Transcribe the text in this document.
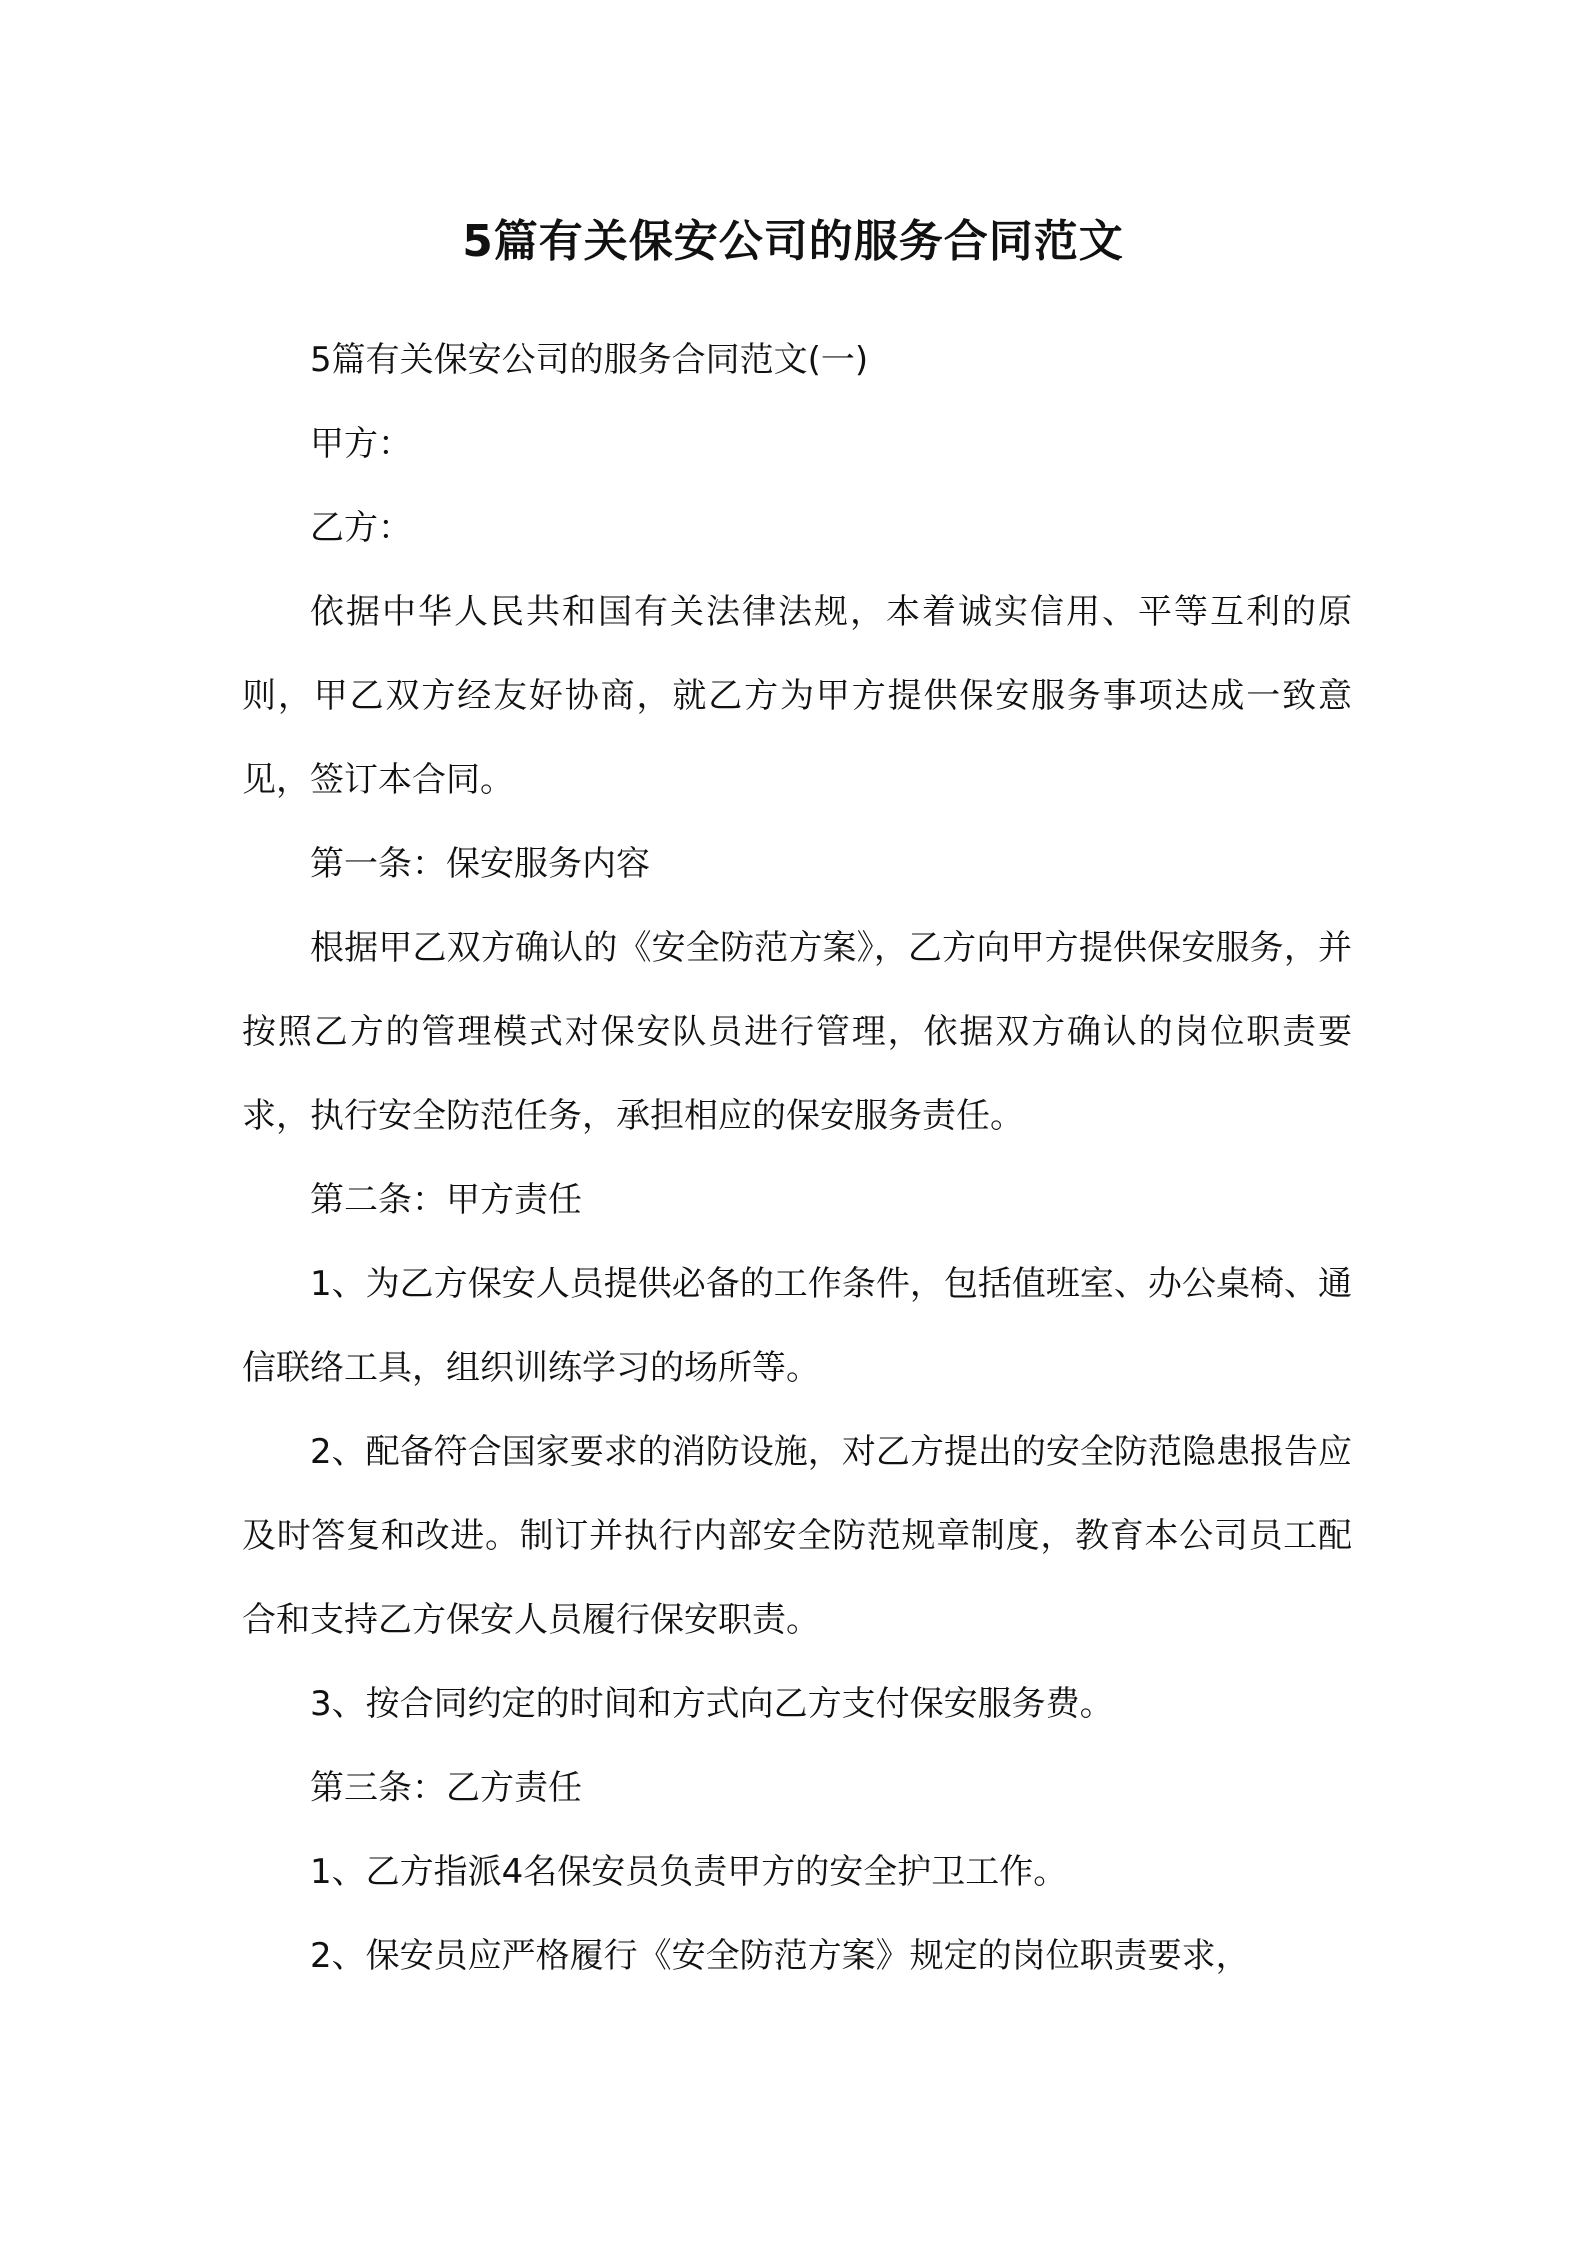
5篇有关保安公司的服务合同范文

5篇有关保安公司的服务合同范文(一)

甲方：

乙方：

依据中华人民共和国有关法律法规，本着诚实信用、平等互利的原则，甲乙双方经友好协商，就乙方为甲方提供保安服务事项达成一致意见，签订本合同。

第一条：保安服务内容

根据甲乙双方确认的《安全防范方案》，乙方向甲方提供保安服务，并按照乙方的管理模式对保安队员进行管理，依据双方确认的岗位职责要求，执行安全防范任务，承担相应的保安服务责任。

第二条：甲方责任

1、为乙方保安人员提供必备的工作条件，包括值班室、办公桌椅、通信联络工具，组织训练学习的场所等。

2、配备符合国家要求的消防设施，对乙方提出的安全防范隐患报告应及时答复和改进。制订并执行内部安全防范规章制度，教育本公司员工配合和支持乙方保安人员履行保安职责。

3、按合同约定的时间和方式向乙方支付保安服务费。

第三条：乙方责任

1、乙方指派4名保安员负责甲方的安全护卫工作。

2、保安员应严格履行《安全防范方案》规定的岗位职责要求，
